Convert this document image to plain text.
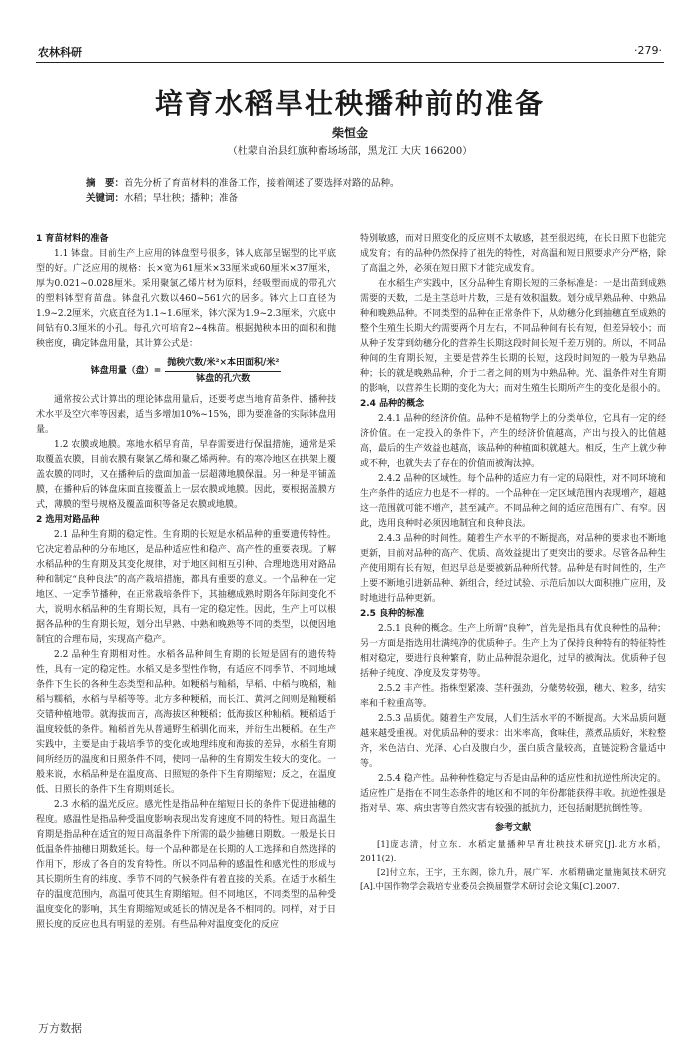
农林科研	·279·
培育水稻旱壮秧播种前的准备
柴恒金
（杜蒙自治县红旗种畜场场部，黑龙江 大庆 166200）
摘　要：首先分析了育苗材料的准备工作，接着阐述了要选择对路的品种。
关键词：水稻；旱壮秧；播种；准备

1 育苗材料的准备

1.1 钵盘。目前生产上应用的钵盘型号很多，钵人底部呈锯型的比平底型的好。广泛应用的规格：长×宽为61厘米×33厘米或60厘米×37厘米，厚为0.021~0.028厘米。采用聚氯乙烯片材为原料，经吸塑而成的带孔穴的塑料钵型育苗盘。钵盘孔穴数以460~561穴的居多。钵穴上口直径为1.9~2.2厘米，穴底直径为1.1~1.6厘米，钵穴深为1.9~2.3厘米，穴底中间钻有0.3厘米的小孔。每孔穴可培育2~4株苗。根据抛秧本田的面积和抛秧密度，确定钵盘用量，其计算公式是：

钵盘用量（盘）= $\frac{\text{抛秧穴数/米²×本田面积/米²}}{\text{钵盘的孔穴数}}$

通常按公式计算出的理论钵盘用量后，还要考虑当地育苗条件、播种技术水平及空穴率等因素，适当多增加10%~15%，即为要准备的实际钵盘用量。

1.2 农膜或地膜。寒地水稻早育苗，早春需要进行保温措施，通常是采取覆盖农膜，目前农膜有聚氯乙烯和聚乙烯两种。有的寒冷地区在拱架上覆盖农膜的同时，又在播种后的盘面加盖一层超薄地膜保温。另一种是平铺盖膜，在播种后的钵盘床面直接覆盖上一层农膜或地膜。因此，要根据盖膜方式，薄膜的型号规格及覆盖面积等备足农膜或地膜。

2 选用对路品种

2.1 品种生育期的稳定性。生育期的长短是水稻品种的重要遗传特性。它决定着品种的分布地区，是品种适应性和稳产、高产性的重要表现。了解水稻品种的生育期及其变化规律，对于地区间相互引种、合理地选用对路品种和制定“良种良法”的高产栽培措施，都具有重要的意义。一个品种在一定地区、一定季节播种，在正常栽培条件下，其抽穗成熟时期各年际间变化不大，说明水稻品种的生育期长短，具有一定的稳定性。因此，生产上可以根据各品种的生育期长短，划分出早熟、中熟和晚熟等不同的类型，以便因地制宜的合理布局，实现高产稳产。

2.2 品种生育期相对性。水稻各品种间生育期的长短是固有的遗传特性，具有一定的稳定性。水稻又是多型性作物，有适应不同季节、不同地域条件下生长的各种生态类型和品种。如粳稻与籼稻，早稻、中稻与晚稻，籼稻与糯稻，水稻与旱稻等等。北方多种粳稻，而长江、黄河之间则是籼粳稻交错种植地带。就海拔而言，高海拔区种粳稻；低海拔区种籼稻。粳稻适于温度较低的条件。籼稻首先从普通野生稻驯化而来，并衍生出粳稻。在生产实践中，主要是由于栽培季节的变化或地理纬度和海拔的差异，水稻生育期间所经历的温度和日照条件不同，使同一品种的生育期发生较大的变化。一般来说，水稻品种是在温度高、日照短的条件下生育期缩短；反之，在温度低、日照长的条件下生育期则延长。

2.3 水稻的温光反应。感光性是指品种在缩短日长的条件下促进抽穗的程度。感温性是指品种受温度影响表现出发育速度不同的特性。短日高温生育期是指品种在适宜的短日高温条件下所需的最少抽穗日期数。一般是长日低温条件抽穗日期数延长。每一个品种都是在长期的人工选择和自然选择的作用下，形成了各自的发育特性。所以不同品种的感温性和感光性的形成与其长期所生育的纬度、季节不同的气候条件有着直接的关系。在适于水稻生存的温度范围内，高温可使其生育期缩短。但不同地区，不同类型的品种受温度变化的影响，其生育期缩短或延长的情况是各不相同的。同样，对于日照长度的反应也具有明显的差别。有些品种对温度变化的反应

特别敏感，而对日照变化的反应则不太敏感，甚至很迟纯，在长日照下也能完成发育；有的品种仍然保持了祖先的特性，对高温和短日照要求产分严格，除了高温之外，必须在短日照下才能完成发育。

在水稻生产实践中，区分品种生育期长短的三条标准是：一是出苗到成熟需要的天数，二是主茎总叶片数，三是有效积温数。划分成早熟品种、中熟品种和晚熟品种。不同类型的品种在正常条件下，从幼穗分化到抽穗直至成熟的整个生殖生长期大约需要两个月左右，不同品种间有长有短，但差异较小；而从种子发芽到幼穗分化的营养生长期这段时间长短千差万别的。所以，不同品种间的生育期长短，主要是营养生长期的长短，这段时间短的一般为早熟品种；长的就是晚熟品种，介于二者之间的则为中熟品种。光、温条件对生育期的影响，以营养生长期的变化为大；而对生殖生长期所产生的变化是很小的。

2.4 品种的概念

2.4.1 品种的经济价值。品种不是植物学上的分类单位，它具有一定的经济价值。在一定投入的条件下，产生的经济价值越高，产出与投入的比值越高，最后的生产效益也越高，该品种的种植面积就越大。相反，生产上就少种或不种，也就失去了存在的价值而被淘汰掉。

2.4.2 品种的区域性。每个品种的适应力有一定的局限性，对不同环境和生产条件的适应力也是不一样的。一个品种在一定区域范围内表现增产，超越这一范围就可能不增产，甚至减产。不同品种之间的适应范围有广、有窄。因此，选用良种时必须因地制宜和良种良法。

2.4.3 品种的时间性。随着生产水平的不断提高，对品种的要求也不断地更新，目前对品种的高产、优质、高效益提出了更突出的要求。尽管各品种生产使用期有长有短，但迟早总是要被新品种所代替。品种是有时间性的，生产上要不断地引进新品种、新组合，经过试验、示范后加以大面积推广应用，及时地进行品种更新。

2.5 良种的标准

2.5.1 良种的概念。生产上所谓“良种”，首先是指具有优良种性的品种；另一方面是指选用壮满纯净的优质种子。生产上为了保持良种特有的特征特性相对稳定，要进行良种繁育，防止品种混杂退化，过早的被淘汰。优质种子包括种子纯度、净度及发芽势等。

2.5.2 丰产性。指株型紧凑、茎秆强劲，分蘖势较强，穗大、粒多，结实率和千粒重高等。

2.5.3 品质优。随着生产发展，人们生活水平的不断提高。大米品质问题越来越受重视。对优质品种的要求：出米率高，食味佳，蒸煮品质好，米粒整齐，米色洁白、光泽、心白及腹白少，蛋白质含量较高，直链淀粉含量适中等。

2.5.4 稳产性。品种种性稳定与否是由品种的适应性和抗逆性所决定的。适应性广是指在不同生态条件的地区和不同的年份都能获得丰收。抗逆性强是指对旱、寒、病虫害等自然灾害有较强的抵抗力，还包括耐肥抗倒性等。

参考文献

[1]庞志清，付立东．水稻定量播种早育壮秧技术研究[J].北方水稻，2011(2).

[2]付立东，王宇，王东阁，徐九升，展广军．水稻精确定量施氮技术研究[A].中国作物学会栽培专业委员会换届暨学术研讨会论文集[C].2007.

万方数据
